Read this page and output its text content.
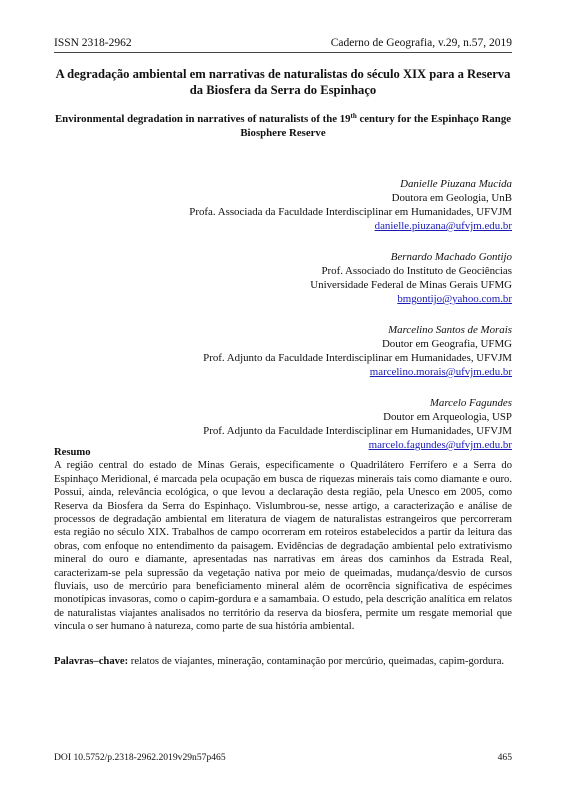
ISSN 2318-2962	Caderno de Geografia, v.29, n.57, 2019
A degradação ambiental em narrativas de naturalistas do século XIX para a Reserva da Biosfera da Serra do Espinhaço
Environmental degradation in narratives of naturalists of the 19th century for the Espinhaço Range Biosphere Reserve
Danielle Piuzana Mucida
Doutora em Geologia, UnB
Profa. Associada da Faculdade Interdisciplinar em Humanidades, UFVJM
danielle.piuzana@ufvjm.edu.br
Bernardo Machado Gontijo
Prof. Associado do Instituto de Geociências
Universidade Federal de Minas Gerais UFMG
bmgontijo@yahoo.com.br
Marcelino Santos de Morais
Doutor em Geografia, UFMG
Prof. Adjunto da Faculdade Interdisciplinar em Humanidades, UFVJM
marcelino.morais@ufvjm.edu.br
Marcelo Fagundes
Doutor em Arqueologia, USP
Prof. Adjunto da Faculdade Interdisciplinar em Humanidades, UFVJM
marcelo.fagundes@ufvjm.edu.br
Resumo
A região central do estado de Minas Gerais, especificamente o Quadrilátero Ferrífero e a Serra do Espinhaço Meridional, é marcada pela ocupação em busca de riquezas minerais tais como diamante e ouro. Possui, ainda, relevância ecológica, o que levou a declaração desta região, pela Unesco em 2005, como Reserva da Biosfera da Serra do Espinhaço. Vislumbrou-se, nesse artigo, a caracterização e análise de processos de degradação ambiental em literatura de viagem de naturalistas estrangeiros que percorreram esta região no século XIX. Trabalhos de campo ocorreram em roteiros estabelecidos a partir da leitura das obras, com enfoque no entendimento da paisagem. Evidências de degradação ambiental pelo extrativismo mineral do ouro e diamante, apresentadas nas narrativas em áreas dos caminhos da Estrada Real, caracterizam-se pela supressão da vegetação nativa por meio de queimadas, mudança/desvio de cursos fluviais, uso de mercúrio para beneficiamento mineral além de ocorrência significativa de espécimes monotípicas invasoras, como o capim-gordura e a samambaia. O estudo, pela descrição analítica em relatos de naturalistas viajantes analisados no território da reserva da biosfera, permite um resgate memorial que vincula o ser humano à natureza, como parte de sua história ambiental.
Palavras–chave: relatos de viajantes, mineração, contaminação por mercúrio, queimadas, capim-gordura.
DOI 10.5752/p.2318-2962.2019v29n57p465	465
